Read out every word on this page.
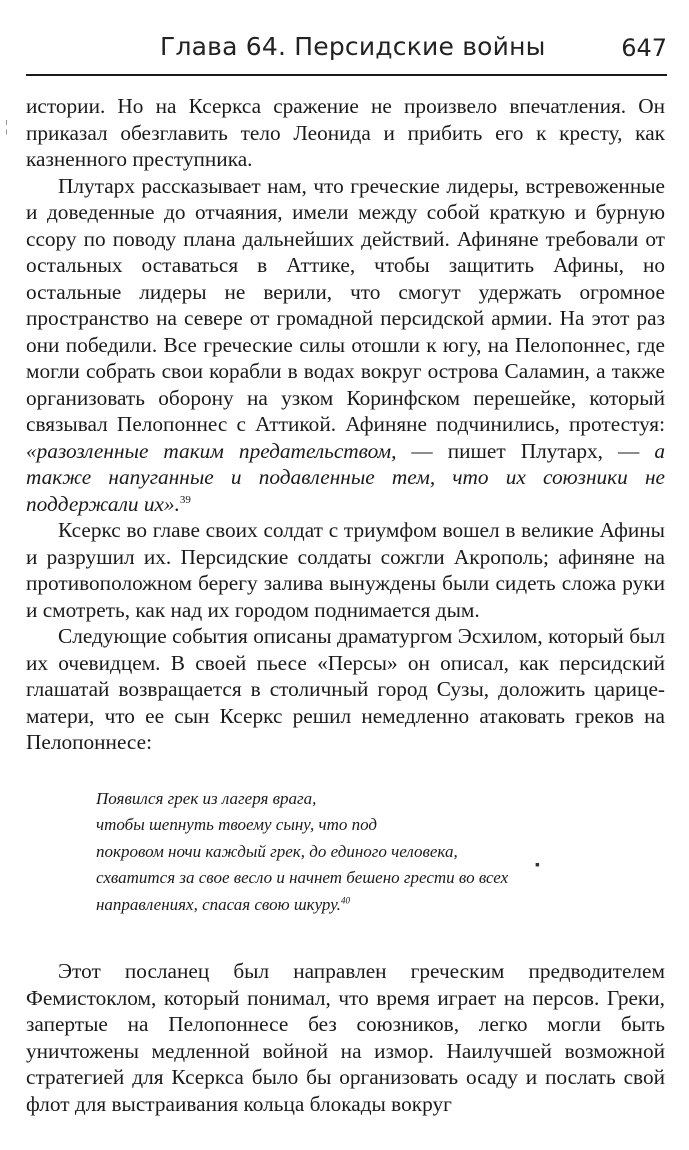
Глава 64. Персидские войны	647
¦

истории. Но на Ксеркса сражение не произвело впечатления. Он приказал обезглавить тело Леонида и прибить его к кресту, как казненного преступника.

Плутарх рассказывает нам, что греческие лидеры, встревоженные и доведенные до отчаяния, имели между собой краткую и бурную ссору по поводу плана дальнейших действий. Афиняне требовали от остальных оставаться в Аттике, чтобы защитить Афины, но остальные лидеры не верили, что смогут удержать огромное пространство на севере от громадной персидской армии. На этот раз они победили. Все греческие силы отошли к югу, на Пелопоннес, где могли собрать свои корабли в водах вокруг острова Саламин, а также организовать оборону на узком Коринфском перешейке, который связывал Пелопоннес с Аттикой. Афиняне подчинились, протестуя: «разозленные таким предательством, — пишет Плутарх, — а также напуганные и подавленные тем, что их союзники не поддержали их».$^{39}$

Ксеркс во главе своих солдат с триумфом вошел в великие Афины и разрушил их. Персидские солдаты сожгли Акрополь; афиняне на противоположном берегу залива вынуждены были сидеть сложа руки и смотреть, как над их городом поднимается дым.

Следующие события описаны драматургом Эсхилом, который был их очевидцем. В своей пьесе «Персы» он описал, как персидский глашатай возвращается в столичный город Сузы, доложить царице-матери, что ее сын Ксеркс решил немедленно атаковать греков на Пелопоннесе:

Появился грек из лагеря врага,
чтобы шепнуть твоему сыну, что под
покровом ночи каждый грек, до единого человека,
схватится за свое весло и начнет бешено грести во всех
направлениях, спасая свою шкуру.$^{40}$

Этот посланец был направлен греческим предводителем Фемистоклом, который понимал, что время играет на персов. Греки, запертые на Пелопоннесе без союзников, легко могли быть уничтожены медленной войной на измор. Наилучшей возможной стратегией для Ксеркса было бы организовать осаду и послать свой флот для выстраивания кольца блокады вокруг

▪
